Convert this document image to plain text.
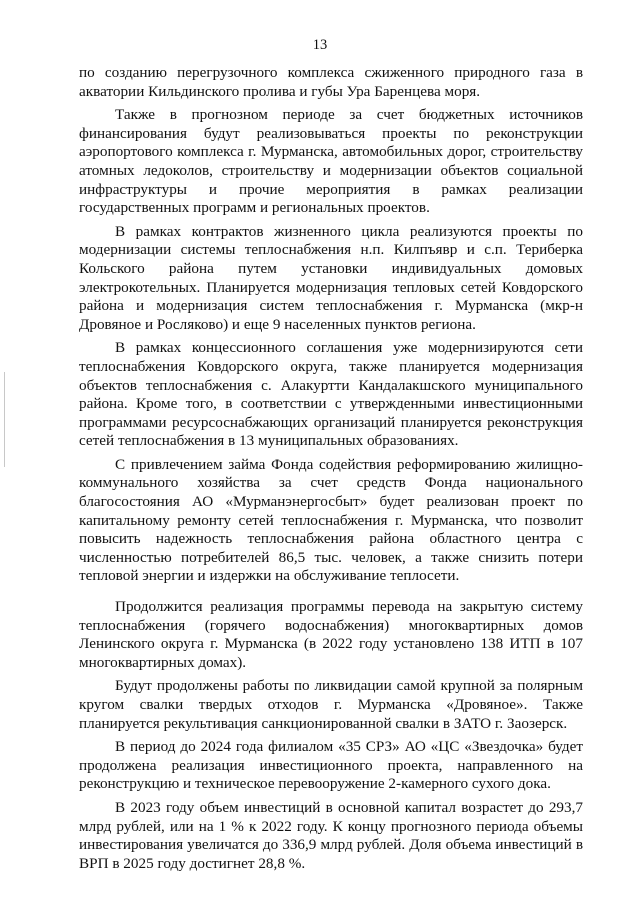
13

по созданию перегрузочного комплекса сжиженного природного газа в акватории Кильдинского пролива и губы Ура Баренцева моря.

Также в прогнозном периоде за счет бюджетных источников финансирования будут реализовываться проекты по реконструкции аэропортового комплекса г. Мурманска, автомобильных дорог, строительству атомных ледоколов, строительству и модернизации объектов социальной инфраструктуры и прочие мероприятия в рамках реализации государственных программ и региональных проектов.

В рамках контрактов жизненного цикла реализуются проекты по модернизации системы теплоснабжения н.п. Килпъявр и с.п. Териберка Кольского района путем установки индивидуальных домовых электрокотельных. Планируется модернизация тепловых сетей Ковдорского района и модернизация систем теплоснабжения г. Мурманска (мкр-н Дровяное и Росляково) и еще 9 населенных пунктов региона.

В рамках концессионного соглашения уже модернизируются сети теплоснабжения Ковдорского округа, также планируется модернизация объектов теплоснабжения с. Алакуртти Кандалакшского муниципального района. Кроме того, в соответствии с утвержденными инвестиционными программами ресурсоснабжающих организаций планируется реконструкция сетей теплоснабжения в 13 муниципальных образованиях.

С привлечением займа Фонда содействия реформированию жилищно-коммунального хозяйства за счет средств Фонда национального благосостояния АО «Мурманэнергосбыт» будет реализован проект по капитальному ремонту сетей теплоснабжения г. Мурманска, что позволит повысить надежность теплоснабжения района областного центра с численностью потребителей 86,5 тыс. человек, а также снизить потери тепловой энергии и издержки на обслуживание теплосети.

Продолжится реализация программы перевода на закрытую систему теплоснабжения (горячего водоснабжения) многоквартирных домов Ленинского округа г. Мурманска (в 2022 году установлено 138 ИТП в 107 многоквартирных домах).

Будут продолжены работы по ликвидации самой крупной за полярным кругом свалки твердых отходов г. Мурманска «Дровяное». Также планируется рекультивация санкционированной свалки в ЗАТО г. Заозерск.

В период до 2024 года филиалом «35 СРЗ» АО «ЦС «Звездочка» будет продолжена реализация инвестиционного проекта, направленного на реконструкцию и техническое перевооружение 2-камерного сухого дока.

В 2023 году объем инвестиций в основной капитал возрастет до 293,7 млрд рублей, или на 1 % к 2022 году. К концу прогнозного периода объемы инвестирования увеличатся до 336,9 млрд рублей. Доля объема инвестиций в ВРП в 2025 году достигнет 28,8 %.
